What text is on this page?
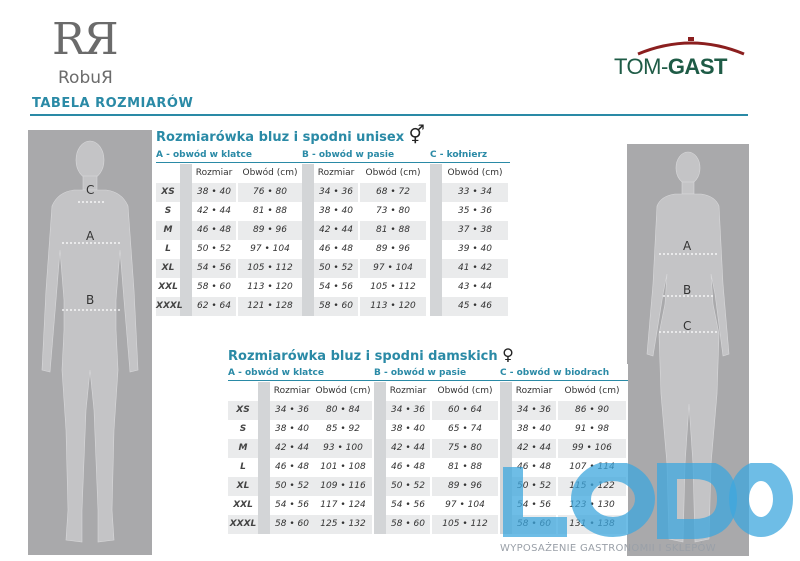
RЯ
RobuЯ	TOM-GAST
TABELA ROZMIARÓW
C
A
B
A
B
C
Rozmiarówka bluz i spodni unisex ⚥
A - obwód w klatce	B - obwód w pasie	C - kołnierz
Rozmiar	Obwód (cm)	Rozmiar	Obwód (cm)	Obwód (cm)
XS	38 • 40	76 • 80	34 • 36	68 • 72	33 • 34
S	42 • 44	81 • 88	38 • 40	73 • 80	35 • 36
M	46 • 48	89 • 96	42 • 44	81 • 88	37 • 38
L	50 • 52	97 • 104	46 • 48	89 • 96	39 • 40
XL	54 • 56	105 • 112	50 • 52	97 • 104	41 • 42
XXL	58 • 60	113 • 120	54 • 56	105 • 112	43 • 44
XXXL	62 • 64	121 • 128	58 • 60	113 • 120	45 • 46
Rozmiarówka bluz i spodni damskich ♀
A - obwód w klatce	B - obwód w pasie	C - obwód w biodrach
Rozmiar Obwód (cm)	Rozmiar	Obwód (cm)	Rozmiar	Obwód (cm)
XS	34 • 36	80 • 84	34 • 36	60 • 64	34 • 36	86 • 90
S	38 • 40	85 • 92	38 • 40	65 • 74	38 • 40	91 • 98
M	42 • 44	93 • 100	42 • 44	75 • 80	42 • 44	99 • 106
L	46 • 48	101 • 108	46 • 48	81 • 88	46 • 48	107 • 114
XL	50 • 52	109 • 116	50 • 52	89 • 96	50 • 52	115 • 122
XXL	54 • 56	117 • 124	54 • 56	97 • 104	54 • 56	123 • 130
XXXL	58 • 60	125 • 132	58 • 60	105 • 112	58 • 60	131 • 138
WYPOSAŻENIE GASTRONOMII I SKLEPÓW
